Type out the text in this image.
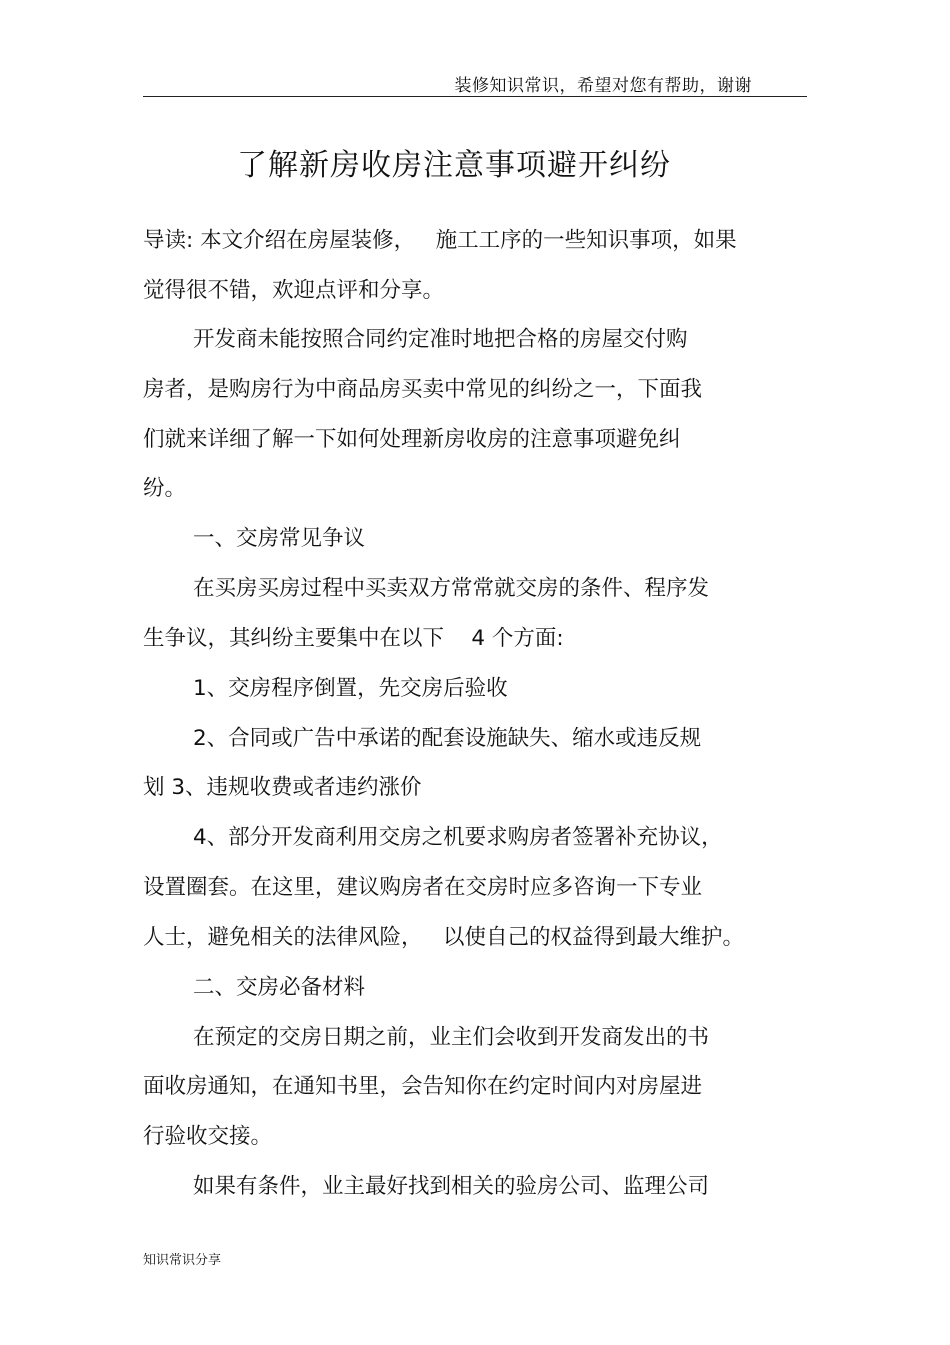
装修知识常识，希望对您有帮助，谢谢
了解新房收房注意事项避开纠纷
导读: 本文介绍在房屋装修，   施工工序的一些知识事项，如果
觉得很不错，欢迎点评和分享。
开发商未能按照合同约定准时地把合格的房屋交付购
房者，是购房行为中商品房买卖中常见的纠纷之一，下面我
们就来详细了解一下如何处理新房收房的注意事项避免纠
纷。
一、交房常见争议
在买房买房过程中买卖双方常常就交房的条件、程序发
生争议，其纠纷主要集中在以下    4 个方面:
1、交房程序倒置，先交房后验收
2、合同或广告中承诺的配套设施缺失、缩水或违反规
划 3、违规收费或者违约涨价
4、部分开发商利用交房之机要求购房者签署补充协议，
设置圈套。在这里，建议购房者在交房时应多咨询一下专业
人士，避免相关的法律风险，   以使自己的权益得到最大维护。
二、交房必备材料
在预定的交房日期之前，业主们会收到开发商发出的书
面收房通知，在通知书里，会告知你在约定时间内对房屋进
行验收交接。
如果有条件，业主最好找到相关的验房公司、监理公司
知识常识分享
